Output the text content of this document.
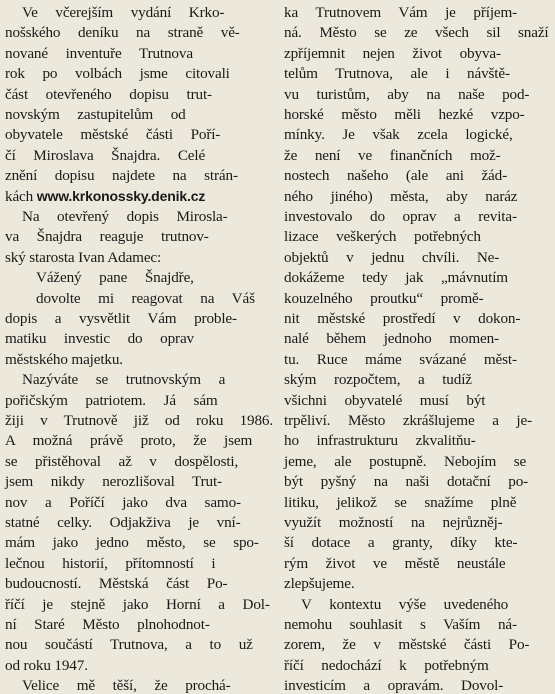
Ve včerejším vydání Krko-
nošského deníku na straně vě-
nované inventuře Trutnova
rok po volbách jsme citovali
část otevřeného dopisu trut-
novským zastupitelům od
obyvatele městské části Poří-
čí Miroslava Šnajdra. Celé
znění dopisu najdete na strán-
kách www.krkonossky.denik.cz
Na otevřený dopis Miroslа-
va Šnajdra reaguje trutnov-
ský starosta Ivan Adamec:
Vážený pane Šnajdře,
dovolte mi reagovat na Váš
dopis a vysvětlit Vám proble-
matiku investic do oprav
městského majetku.
Nazýváte se trutnovským a
pořičským patriotem. Já sám
žiji v Trutnově již od roku 1986.
A možná právě proto, že jsem
se přistěhoval až v dospělosti,
jsem nikdy nerozlišoval Trut-
nov a Poříčí jako dva samo-
statné celky. Odjakživa je vní-
mám jako jedno město, se spo-
lečnou historií, přítomností i
budoucností. Městská část Po-
říčí je stejně jako Horní a Dol-
ní Staré Město plnohodnot-
nou součástí Trutnova, a to už
od roku 1947.
Velice mě těší, že prochá-
ka Trutnovem Vám je příjem-
ná. Město se ze všech sil snaží
zpříjemnit nejen život obyva-
telům Trutnova, ale i návště-
vu turistům, aby na naše pod-
horské město měli hezké vzpo-
mínky. Je však zcela logické,
že není ve finančních mož-
nostech našeho (ale ani žád-
ného jiného) města, aby naráz
investovalo do oprav a revita-
lizace veškerých potřebných
objektů v jednu chvíli. Ne-
dokážeme tedy jak „mávnutím
kouzelného proutku“ promě-
nit městské prostředí v dokon-
nalé během jednoho momen-
tu. Ruce máme svázané měst-
ským rozpočtem, a tudíž
všichni obyvatelé musí být
trpěliví. Město zkrášlujeme a je-
ho infrastrukturu zkvalitňu-
jeme, ale postupně. Nebojím se
být pyšný na naši dotační po-
litiku, jelikož se snažíme plně
využít možností na nejrůzněj-
ší dotace a granty, díky kte-
rým život ve městě neustále
zlepšujeme.
V kontextu výše uvedeného
nemohu souhlasit s Vaším ná-
zorem, že v městské části Po-
říčí nedochází k potřebným
investicím a opravám. Dovol-
